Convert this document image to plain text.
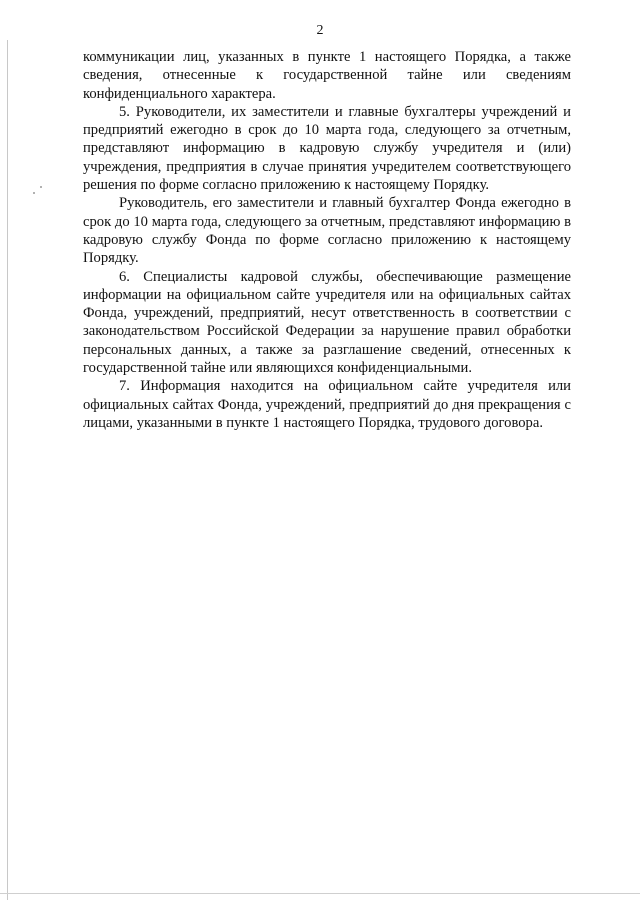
2

коммуникации лиц, указанных в пункте 1 настоящего Порядка, а также сведения, отнесенные к государственной тайне или сведениям конфиденциального характера.

5. Руководители, их заместители и главные бухгалтеры учреждений и предприятий ежегодно в срок до 10 марта года, следующего за отчетным, представляют информацию в кадровую службу учредителя и (или) учреждения, предприятия в случае принятия учредителем соответствующего решения по форме согласно приложению к настоящему Порядку.

Руководитель, его заместители и главный бухгалтер Фонда ежегодно в срок до 10 марта года, следующего за отчетным, представляют информацию в кадровую службу Фонда по форме согласно приложению к настоящему Порядку.

6. Специалисты кадровой службы, обеспечивающие размещение информации на официальном сайте учредителя или на официальных сайтах Фонда, учреждений, предприятий, несут ответственность в соответствии с законодательством Российской Федерации за нарушение правил обработки персональных данных, а также за разглашение сведений, отнесенных к государственной тайне или являющихся конфиденциальными.

7. Информация находится на официальном сайте учредителя или официальных сайтах Фонда, учреждений, предприятий до дня прекращения с лицами, указанными в пункте 1 настоящего Порядка, трудового договора.
